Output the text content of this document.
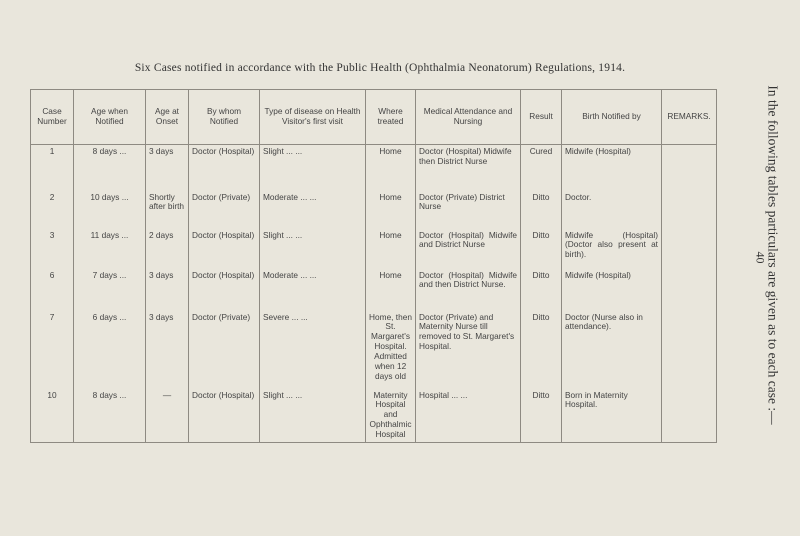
Six Cases notified in accordance with the Public Health (Ophthalmia Neonatorum) Regulations, 1914.
In the following tables particulars are given as to each case :—
40
Case Number	Age when Notified	Age at Onset	By whom Notified	Type of disease on Health Visitor's first visit	Where treated	Medical Attendance and Nursing	Result	Birth Notified by	REMARKS.
1	8 days ...	3 days	Doctor (Hospital)	Slight ... ...	Home	Doctor (Hospital) Midwife then District Nurse	Cured	Midwife (Hospital)	
2	10 days ...	Shortly after birth	Doctor (Private)	Moderate ... ...	Home	Doctor (Private) District Nurse	Ditto	Doctor.	
3	11 days ...	2 days	Doctor (Hospital)	Slight ... ...	Home	Doctor (Hospital) Midwife and District Nurse	Ditto	Midwife (Hospital) (Doctor also present at birth).	
6	7 days ...	3 days	Doctor (Hospital)	Moderate ... ...	Home	Doctor (Hospital) Midwife and then District Nurse.	Ditto	Midwife (Hospital)	
7	6 days ...	3 days	Doctor (Private)	Severe ... ...	Home, then St. Margaret's Hospital. Admitted when 12 days old	Doctor (Private) and Maternity Nurse till removed to St. Margaret's Hospital.	Ditto	Doctor (Nurse also in attendance).	
10	8 days ...	—	Doctor (Hospital)	Slight ... ...	Maternity Hospital and Ophthalmic Hospital	Hospital ... ...	Ditto	Born in Maternity Hospital.	
